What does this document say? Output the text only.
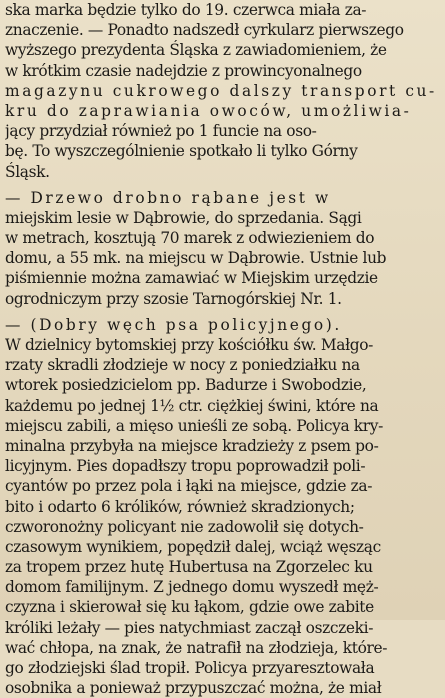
ska marka będzie tylko do 19. czerwca miała za-
znaczenie. — Ponadto nadszedł cyrkularz pierwszego
wyższego prezydenta Śląska z zawiadomieniem, że
w krótkim czasie nadejdzie z prowincyonalnego
magazynu cukrowego dalszy transport cu-
kru do zaprawiania owoców, umożliwia-
jący przydział również po 1 funcie na oso-
bę. To wyszczególnienie spotkało li tylko Górny
Śląsk.
— Drzewo drobno rąbane jest w
miejskim lesie w Dąbrowie, do sprzedania. Sągi
w metrach, kosztują 70 marek z odwiezieniem do
domu, a 55 mk. na miejscu w Dąbrowie. Ustnie lub
piśmiennie można zamawiać w Miejskim urzędzie
ogrodniczym przy szosie Tarnogórskiej Nr. 1.
— (Dobry węch psa policyjnego).
W dzielnicy bytomskiej przy kościółku św. Małgo-
rzaty skradli złodzieje w nocy z poniedziałku na
wtorek posiedzicielom pp. Badurze i Swobodzie,
każdemu po jednej 1½ ctr. ciężkiej świni, które na
miejscu zabili, a mięso unieśli ze sobą. Policya kry-
minalna przybyła na miejsce kradzieży z psem po-
licyjnym. Pies dopadłszy tropu poprowadził poli-
cyantów po przez pola i łąki na miejsce, gdzie za-
bito i odarto 6 królików, również skradzionych;
czworonożny policyant nie zadowolił się dotych-
czasowym wynikiem, popędził dalej, wciąż węsząc
za tropem przez hutę Hubertusa na Zgorzelec ku
domom familijnym. Z jednego domu wyszedł męż-
czyzna i skierował się ku łąkom, gdzie owe zabite
króliki leżały — pies natychmiast zaczął oszczeki-
wać chłopa, na znak, że natrafił na złodzieja, które-
go złodziejski ślad tropił. Policya przyaresztowała
osobnika a ponieważ przypuszczać można, że miał
